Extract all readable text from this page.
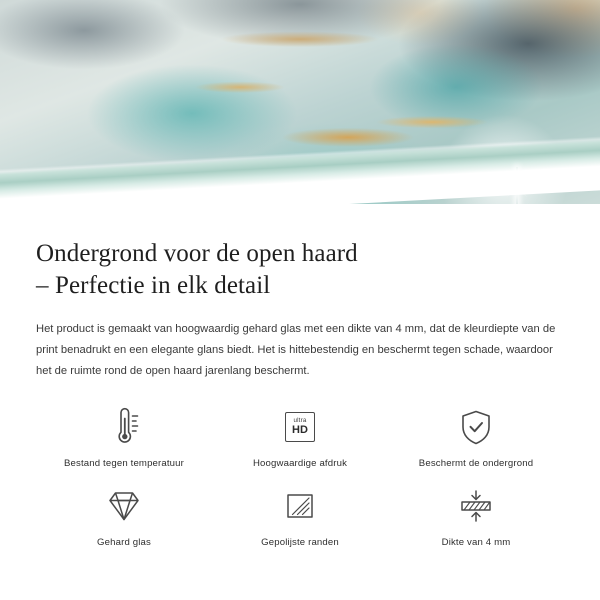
Ondergrond voor de open haard
– Perfectie in elk detail

Het product is gemaakt van hoogwaardig gehard glas met een dikte van 4 mm, dat de kleurdiepte van de print benadrukt en een elegante glans biedt. Het is hittebestendig en beschermt tegen schade, waardoor het de ruimte rond de open haard jarenlang beschermt.

Bestand tegen temperatuur
ultra
HD
Hoogwaardige afdruk	Beschermt de ondergrond
Gehard glas	Gepolijste randen	Dikte van 4 mm
